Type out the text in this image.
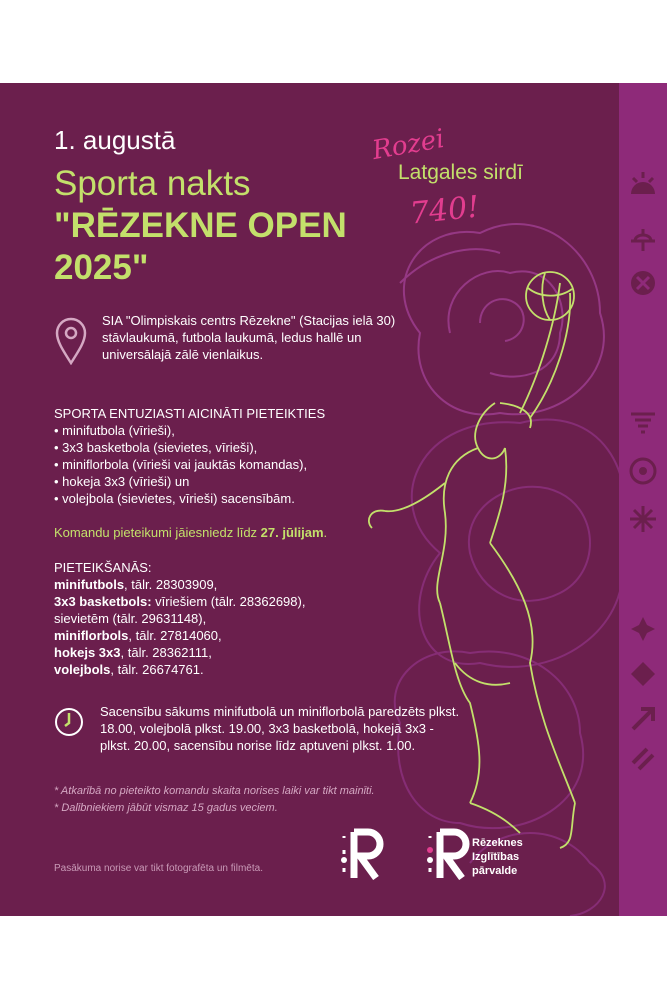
1. augustā
Sporta nakts
"RĒZEKNE OPEN
2025"
Rozei
Latgales sirdī
740!
SIA "Olimpiskais centrs Rēzekne" (Stacijas ielā 30) stāvlaukumā, futbola laukumā, ledus hallē un universālajā zālē vienlaikus.
SPORTA ENTUZIASTI AICINĀTI PIETEIKTIES
• minifutbola (vīrieši),
• 3x3 basketbola (sievietes, vīrieši),
• miniflorbola (vīrieši vai jauktās komandas),
• hokeja 3x3 (vīrieši) un
• volejbola (sievietes, vīrieši) sacensībām.
Komandu pieteikumi jāiesniedz līdz 27. jūlijam.
PIETEIKŠANĀS:
minifutbols, tālr. 28303909,
3x3 basketbols: vīriešiem (tālr. 28362698),
sievietēm (tālr. 29631148),
miniflorbols, tālr. 27814060,
hokejs 3x3, tālr. 28362111,
volejbols, tālr. 26674761.
Sacensību sākums minifutbolā un miniflorbolā paredzēts plkst. 18.00, volejbolā plkst. 19.00, 3x3 basketbolā, hokejā 3x3 - plkst. 20.00, sacensību norise līdz aptuveni plkst. 1.00.
* Atkarībā no pieteikto komandu skaita norises laiki var tikt mainīti.
* Dalībniekiem jābūt vismaz 15 gadus veciem.
Pasākuma norise var tikt fotografēta un filmēta.
Rēzeknes
Izglītības
pārvalde
